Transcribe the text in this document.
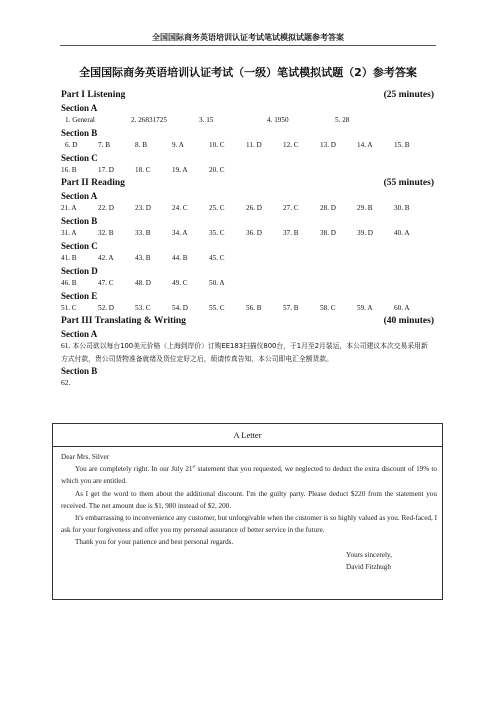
全国国际商务英语培训认证考试笔试模拟试题参考答案
全国国际商务英语培训认证考试（一级）笔试模拟试题（2）参考答案
Part I Listening	(25 minutes)
Section A
1. General	2. 26831725	3. 15	4. 1950	5. 28
Section B
6. D	7. B	8. B	9. A	10. C	11. D	12. C	13. D	14. A	15. B
Section C
16. B	17. D	18. C	19. A	20. C
Part II Reading	(55 minutes)
Section A
21. A	22. D	23. D	24. C	25. C	26. D	27. C	28. D	29. B	30. B
Section B
31. A	32. B	33. B	34. A	35. C	36. D	37. B	38. D	39. D	40. A
Section C
41. B	42. A	43. B	44. B	45. C
Section D
46. B	47. C	48. D	49. C	50. A
Section E
51. C	52. D	53. C	54. D	55. C	56. B	57. B	58. C	59. A	60. A
Part III Translating & Writing	(40 minutes)
Section A
61. 本公司欲以每台100美元价格（上海到岸价）订购EE183扫描仪800台，于1月至2月装运，本公司建议本次交易采用新方式付款，贵公司货物准备就绪及货位定好之后，烦请传真告知，本公司即电汇全额货款。
Section B
62.
A Letter

Dear Mrs. Silver

You are completely right. In our July 21st statement that you requested, we neglected to deduct the extra discount of 19% to which you are entitled.

As I get the word to them about the additional discount. I'm the guilty party. Please deduct $220 from the statement you received. The net amount due is $1, 980 instead of $2, 200.

It's embarrassing to inconvenience any customer, but unforgivable when the customer is so highly valued as you. Red-faced, I ask for your forgiveness and offer you my personal assurance of better service in the future.

Thank you for your patience and best personal regards.

Yours sincerely,

David Fitzhugh
